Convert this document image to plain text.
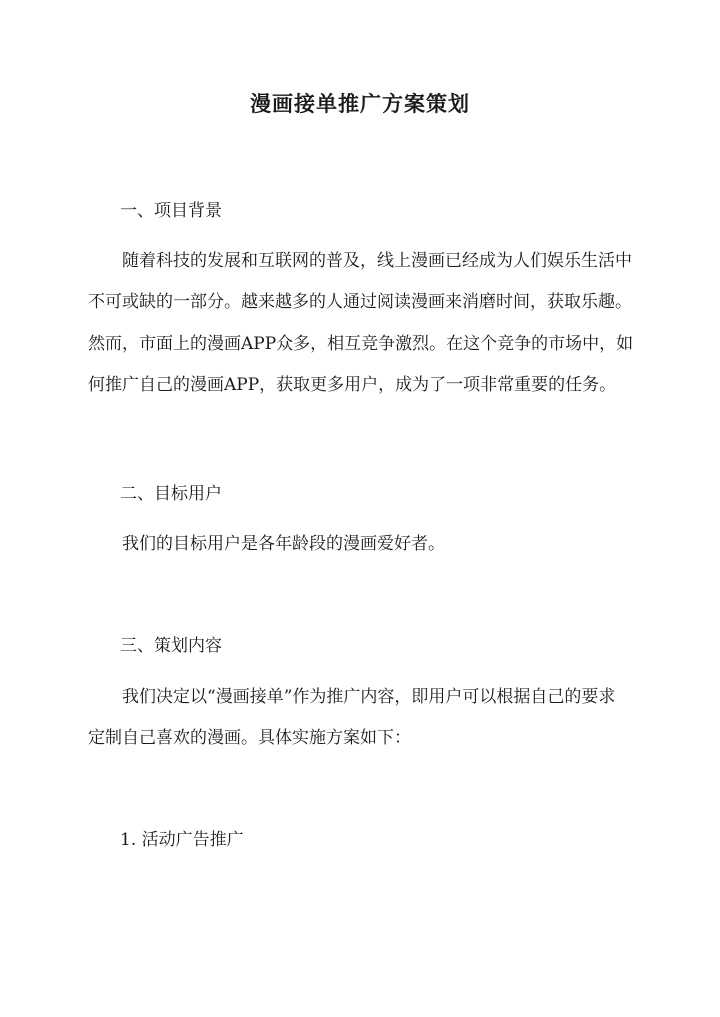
漫画接单推广方案策划
一、项目背景
随着科技的发展和互联网的普及，线上漫画已经成为人们娱乐生活中
不可或缺的一部分。越来越多的人通过阅读漫画来消磨时间，获取乐趣。
然而，市面上的漫画APP众多，相互竞争激烈。在这个竞争的市场中，如
何推广自己的漫画APP，获取更多用户，成为了一项非常重要的任务。
二、目标用户
我们的目标用户是各年龄段的漫画爱好者。
三、策划内容
我们决定以“漫画接单”作为推广内容，即用户可以根据自己的要求
定制自己喜欢的漫画。具体实施方案如下：
1. 活动广告推广
